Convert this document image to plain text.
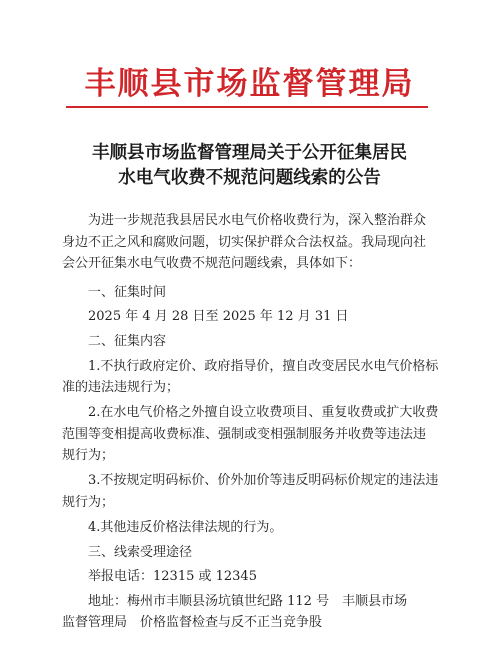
丰顺县市场监督管理局
丰顺县市场监督管理局关于公开征集居民
水电气收费不规范问题线索的公告
为进一步规范我县居民水电气价格收费行为，深入整治群众
身边不正之风和腐败问题，切实保护群众合法权益。我局现向社
会公开征集水电气收费不规范问题线索，具体如下：
一、征集时间
2025 年 4 月 28 日至 2025 年 12 月 31 日
二、征集内容
1.不执行政府定价、政府指导价，擅自改变居民水电气价格标
准的违法违规行为；
2.在水电气价格之外擅自设立收费项目、重复收费或扩大收费
范围等变相提高收费标准、强制或变相强制服务并收费等违法违
规行为；
3.不按规定明码标价、价外加价等违反明码标价规定的违法违
规行为；
4.其他违反价格法律法规的行为。
三、线索受理途径
举报电话：12315 或 12345
地址：梅州市丰顺县汤坑镇世纪路 112 号　丰顺县市场
监督管理局　价格监督检查与反不正当竞争股
